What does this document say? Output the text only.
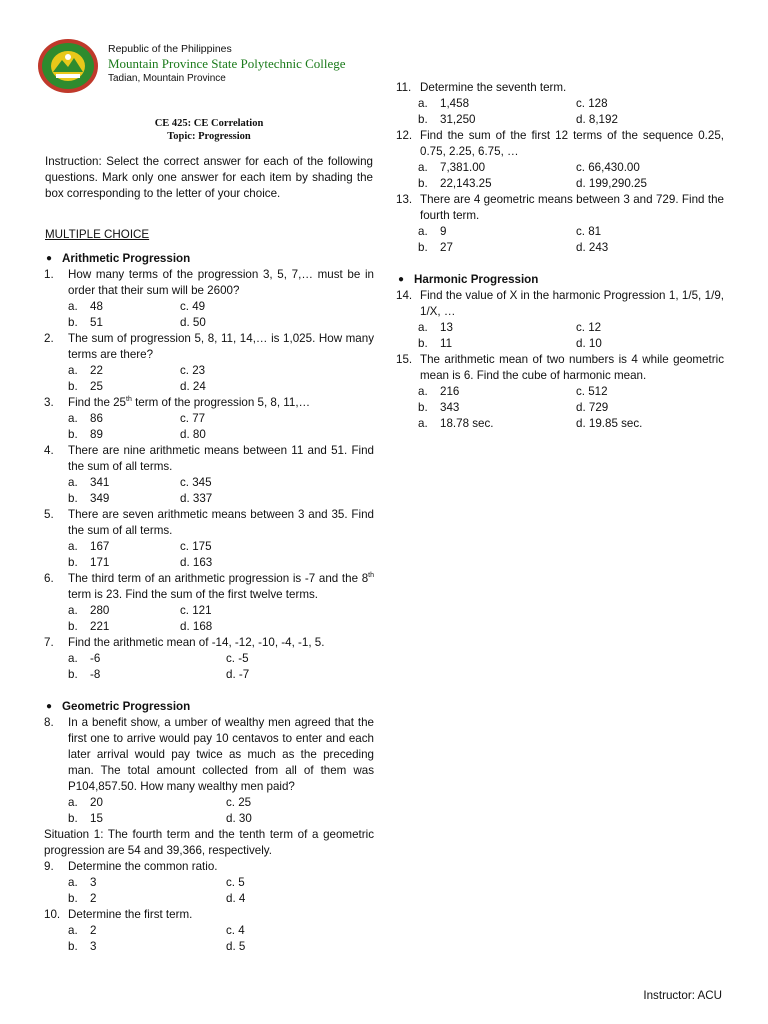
Republic of the Philippines
Mountain Province State Polytechnic College
Tadian, Mountain Province
CE 425: CE Correlation
Topic: Progression
Instruction: Select the correct answer for each of the following questions. Mark only one answer for each item by shading the box corresponding to the letter of your choice.
MULTIPLE CHOICE
● Arithmetic Progression
1.	How many terms of the progression 3, 5, 7,… must be in order that their sum will be 2600?
a.	48	c. 49
b.	51	d. 50
2.	The sum of progression 5, 8, 11, 14,… is 1,025. How many terms are there?
a.	22	c. 23
b.	25	d. 24
3.	Find the 25th term of the progression 5, 8, 11,…
a.	86	c. 77
b.	89	d. 80
4.	There are nine arithmetic means between 11 and 51. Find the sum of all terms.
a.	341	c. 345
b.	349	d. 337
5.	There are seven arithmetic means between 3 and 35. Find the sum of all terms.
a.	167	c. 175
b.	171	d. 163
6.	The third term of an arithmetic progression is -7 and the 8th term is 23. Find the sum of the first twelve terms.
a.	280	c. 121
b.	221	d. 168
7.	Find the arithmetic mean of -14, -12, -10, -4, -1, 5.
a.	-6	c. -5
b.	-8	d. -7
● Geometric Progression
8.	In a benefit show, a umber of wealthy men agreed that the first one to arrive would pay 10 centavos to enter and each later arrival would pay twice as much as the preceding man. The total amount collected from all of them was P104,857.50. How many wealthy men paid?
a.	20	c. 25
b.	15	d. 30
Situation 1: The fourth term and the tenth term of a geometric progression are 54 and 39,366, respectively.
9.	Determine the common ratio.
a.	3	c. 5
b.	2	d. 4
10. Determine the first term.
a.	2	c. 4
b.	3	d. 5
11. Determine the seventh term.
a.	1,458	c. 128
b.	31,250	d. 8,192
12. Find the sum of the first 12 terms of the sequence 0.25, 0.75, 2.25, 6.75, …
a.	7,381.00	c. 66,430.00
b.	22,143.25	d. 199,290.25
13. There are 4 geometric means between 3 and 729. Find the fourth term.
a.	9	c. 81
b.	27	d. 243
● Harmonic Progression
14. Find the value of X in the harmonic Progression 1, 1/5, 1/9, 1/X, …
a.	13	c. 12
b.	11	d. 10
15. The arithmetic mean of two numbers is 4 while geometric mean is 6. Find the cube of harmonic mean.
a.	216	c. 512
b.	343	d. 729
a.	18.78 sec.	d. 19.85 sec.
Instructor: ACU
